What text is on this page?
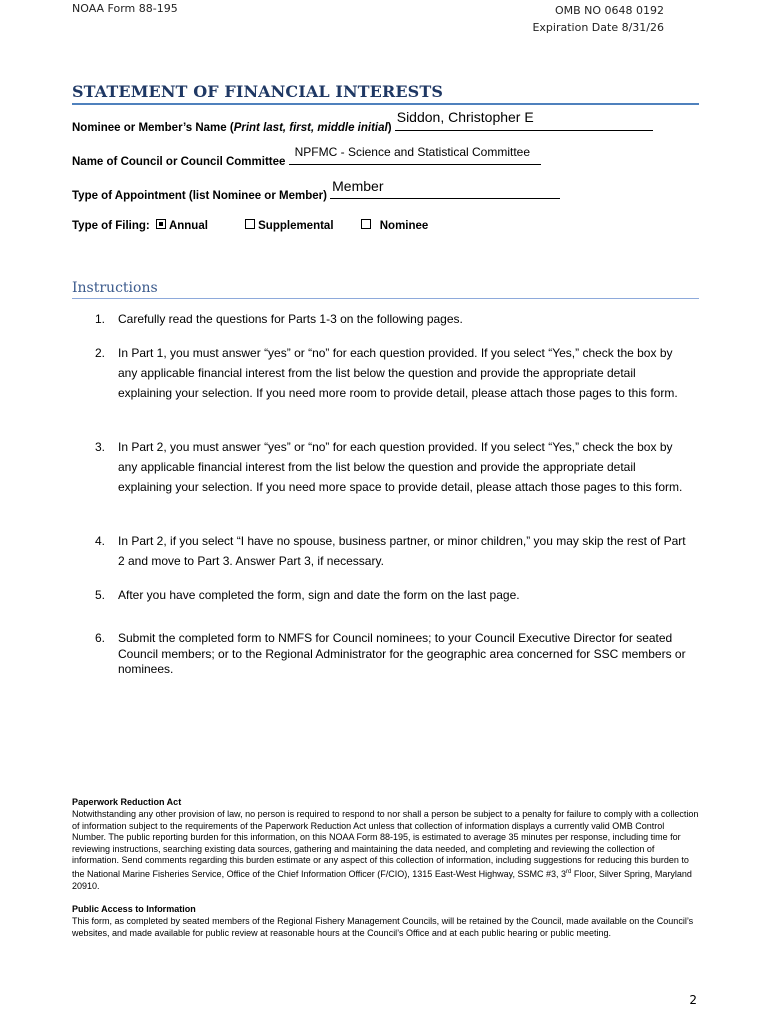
NOAA Form 88-195	OMB NO 0648 0192
Expiration Date 8/31/26
STATEMENT OF FINANCIAL INTERESTS
Nominee or Member’s Name (Print last, first, middle initial)
Siddon, Christopher E
Name of Council or Council Committee
NPFMC - Science and Statistical Committee
Type of Appointment (list Nominee or Member)
Member
Type of Filing: Annual	Supplemental	Nominee
Instructions
1. Carefully read the questions for Parts 1-3 on the following pages.
2. In Part 1, you must answer “yes” or “no” for each question provided. If you select “Yes,” check the box by any applicable financial interest from the list below the question and provide the appropriate detail explaining your selection. If you need more room to provide detail, please attach those pages to this form.
3. In Part 2, you must answer “yes” or “no” for each question provided. If you select “Yes,” check the box by any applicable financial interest from the list below the question and provide the appropriate detail explaining your selection. If you need more space to provide detail, please attach those pages to this form.
4. In Part 2, if you select “I have no spouse, business partner, or minor children,” you may skip the rest of Part 2 and move to Part 3. Answer Part 3, if necessary.
5. After you have completed the form, sign and date the form on the last page.
6. Submit the completed form to NMFS for Council nominees; to your Council Executive Director for seated Council members; or to the Regional Administrator for the geographic area concerned for SSC members or nominees.
Paperwork Reduction Act
Notwithstanding any other provision of law, no person is required to respond to nor shall a person be subject to a penalty for failure to comply with a collection of information subject to the requirements of the Paperwork Reduction Act unless that collection of information displays a currently valid OMB Control Number. The public reporting burden for this information, on this NOAA Form 88-195, is estimated to average 35 minutes per response, including time for reviewing instructions, searching existing data sources, gathering and maintaining the data needed, and completing and reviewing the collection of information. Send comments regarding this burden estimate or any aspect of this collection of information, including suggestions for reducing this burden to the National Marine Fisheries Service, Office of the Chief Information Officer (F/CIO), 1315 East-West Highway, SSMC #3, 3rd Floor, Silver Spring, Maryland 20910.
Public Access to Information
This form, as completed by seated members of the Regional Fishery Management Councils, will be retained by the Council, made available on the Council’s websites, and made available for public review at reasonable hours at the Council’s Office and at each public hearing or public meeting.
2
